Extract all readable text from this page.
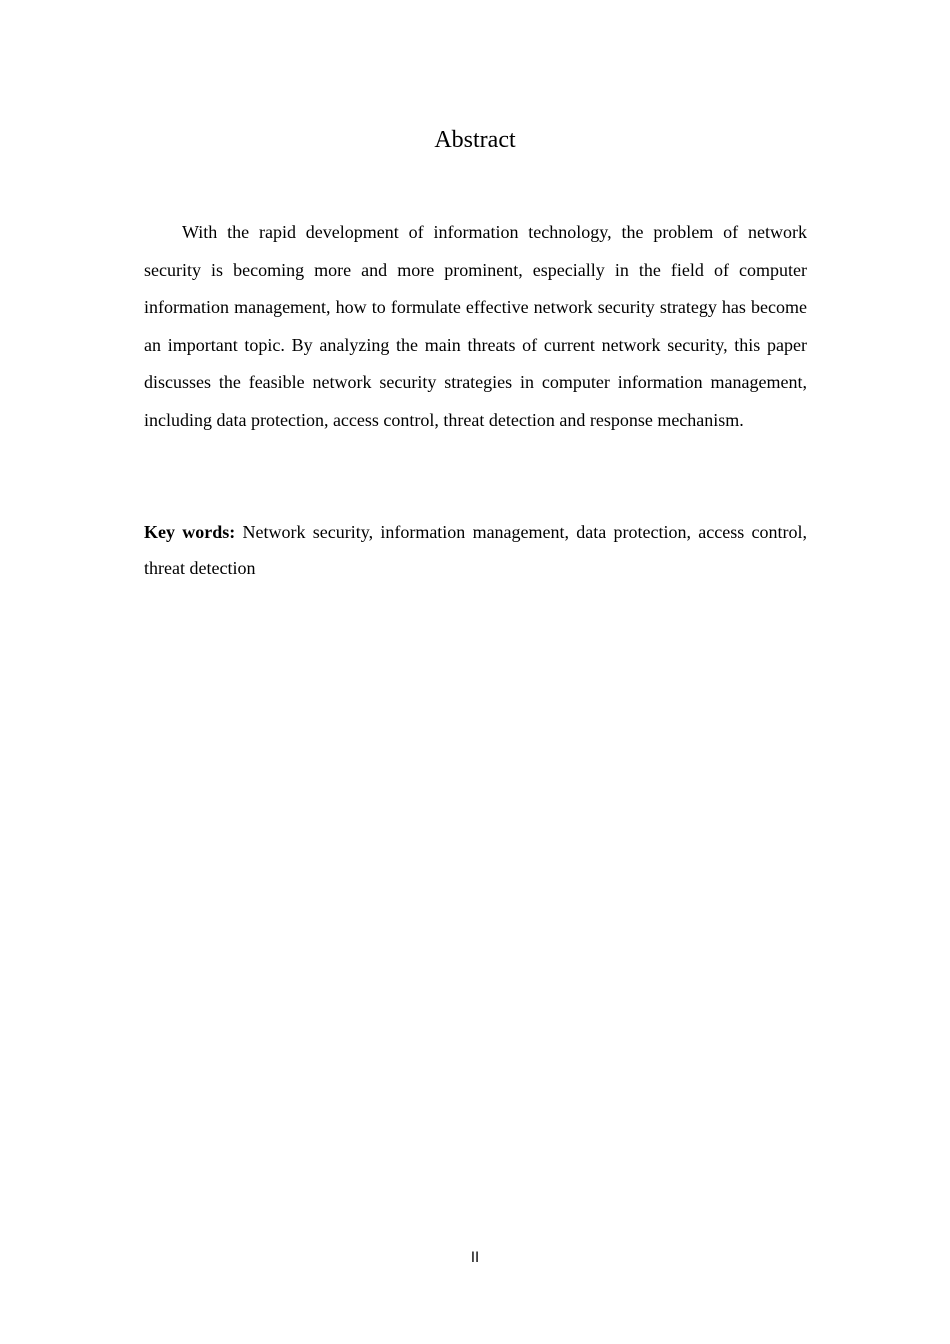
Abstract

With the rapid development of information technology, the problem of network security is becoming more and more prominent, especially in the field of computer information management, how to formulate effective network security strategy has become an important topic. By analyzing the main threats of current network security, this paper discusses the feasible network security strategies in computer information management, including data protection, access control, threat detection and response mechanism.

Key words: Network security, information management, data protection, access control, threat detection

II
